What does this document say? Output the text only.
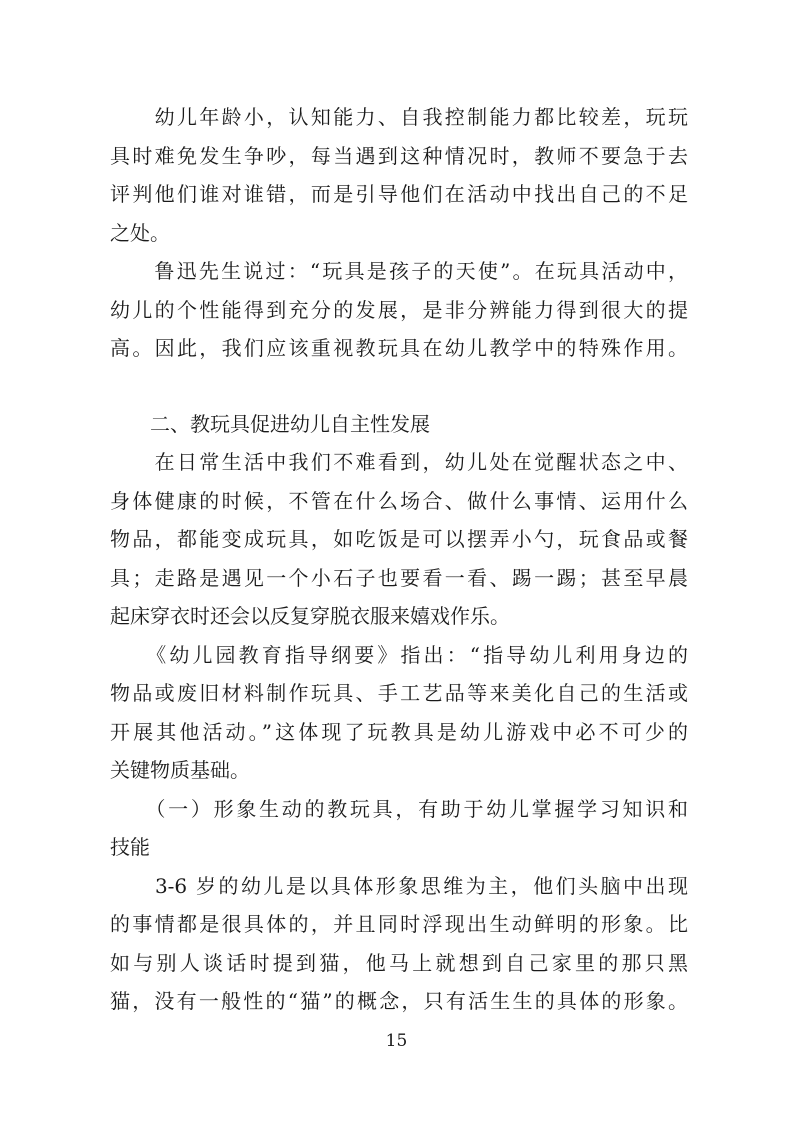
　　幼儿年龄小，认知能力、自我控制能力都比较差，玩玩
具时难免发生争吵，每当遇到这种情况时，教师不要急于去
评判他们谁对谁错，而是引导他们在活动中找出自己的不足
之处。
　　鲁迅先生说过：“玩具是孩子的天使”。在玩具活动中，
幼儿的个性能得到充分的发展，是非分辨能力得到很大的提
高。因此，我们应该重视教玩具在幼儿教学中的特殊作用。
　　二、教玩具促进幼儿自主性发展
　　在日常生活中我们不难看到，幼儿处在觉醒状态之中、
身体健康的时候，不管在什么场合、做什么事情、运用什么
物品，都能变成玩具，如吃饭是可以摆弄小勺，玩食品或餐
具；走路是遇见一个小石子也要看一看、踢一踢；甚至早晨
起床穿衣时还会以反复穿脱衣服来嬉戏作乐。
　　《幼儿园教育指导纲要》指出：“指导幼儿利用身边的
物品或废旧材料制作玩具、手工艺品等来美化自己的生活或
开展其他活动。”这体现了玩教具是幼儿游戏中必不可少的
关键物质基础。
　　（一）形象生动的教玩具，有助于幼儿掌握学习知识和
技能
　　3-6 岁的幼儿是以具体形象思维为主，他们头脑中出现
的事情都是很具体的，并且同时浮现出生动鲜明的形象。比
如与别人谈话时提到猫，他马上就想到自己家里的那只黑
猫，没有一般性的“猫”的概念，只有活生生的具体的形象。
15
